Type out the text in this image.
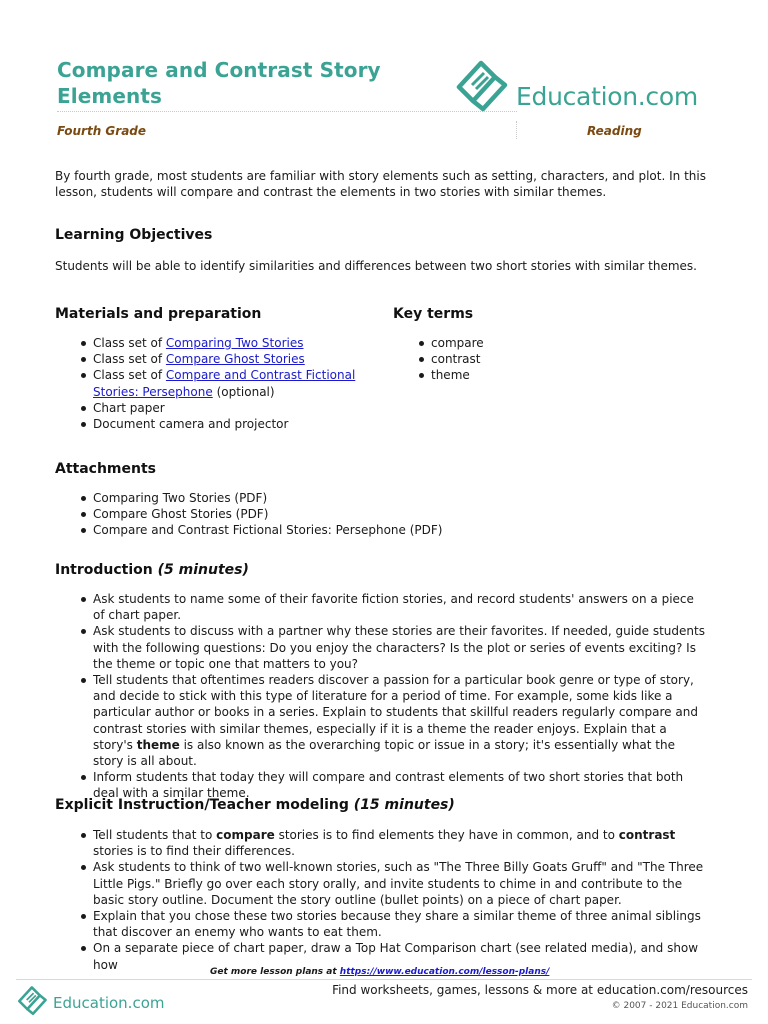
Compare and Contrast Story Elements	Education.com
Fourth Grade	Reading
By fourth grade, most students are familiar with story elements such as setting, characters, and plot. In this lesson, students will compare and contrast the elements in two stories with similar themes.
Learning Objectives
Students will be able to identify similarities and differences between two short stories with similar themes.
Materials and preparation
Class set of Comparing Two Stories
Class set of Compare Ghost Stories
Class set of Compare and Contrast Fictional Stories: Persephone (optional)
Chart paper
Document camera and projector
Key terms
compare
contrast
theme
Attachments
Comparing Two Stories (PDF)
Compare Ghost Stories (PDF)
Compare and Contrast Fictional Stories: Persephone (PDF)
Introduction (5 minutes)
Ask students to name some of their favorite fiction stories, and record students' answers on a piece of chart paper.
Ask students to discuss with a partner why these stories are their favorites. If needed, guide students with the following questions: Do you enjoy the characters? Is the plot or series of events exciting? Is the theme or topic one that matters to you?
Tell students that oftentimes readers discover a passion for a particular book genre or type of story, and decide to stick with this type of literature for a period of time. For example, some kids like a particular author or books in a series. Explain to students that skillful readers regularly compare and contrast stories with similar themes, especially if it is a theme the reader enjoys. Explain that a story's theme is also known as the overarching topic or issue in a story; it's essentially what the story is all about.
Inform students that today they will compare and contrast elements of two short stories that both deal with a similar theme.
Explicit Instruction/Teacher modeling (15 minutes)
Tell students that to compare stories is to find elements they have in common, and to contrast stories is to find their differences.
Ask students to think of two well-known stories, such as "The Three Billy Goats Gruff" and "The Three Little Pigs." Briefly go over each story orally, and invite students to chime in and contribute to the basic story outline. Document the story outline (bullet points) on a piece of chart paper.
Explain that you chose these two stories because they share a similar theme of three animal siblings that discover an enemy who wants to eat them.
On a separate piece of chart paper, draw a Top Hat Comparison chart (see related media), and show how
Get more lesson plans at https://www.education.com/lesson-plans/
Education.com
Find worksheets, games, lessons & more at education.com/resources
© 2007 - 2021 Education.com
